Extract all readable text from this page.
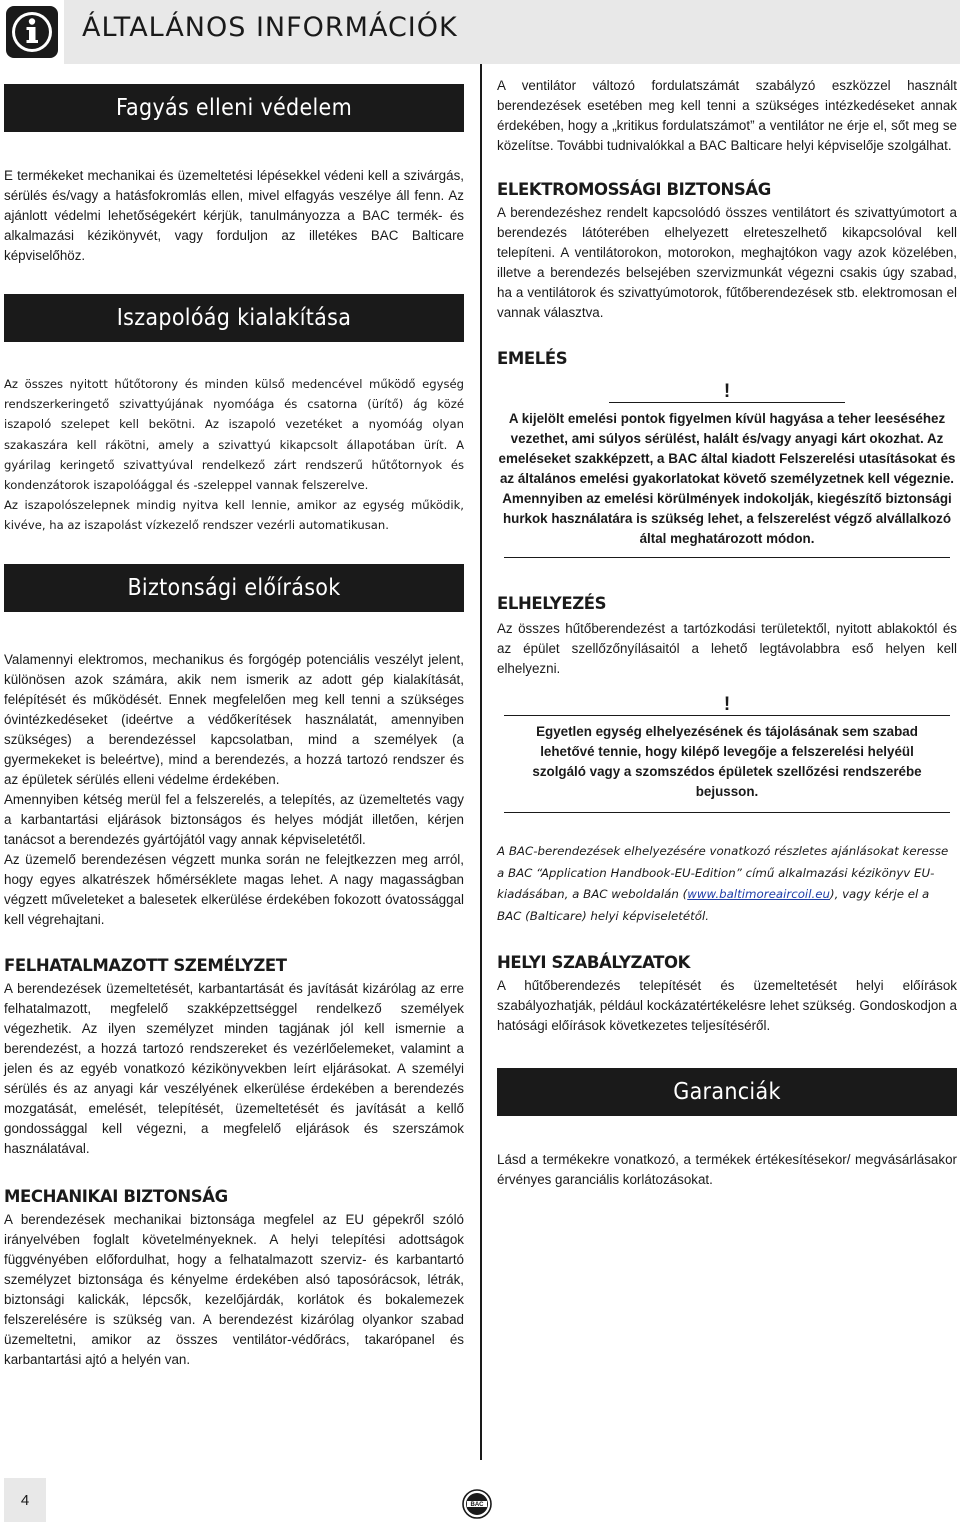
ÁLTALÁNOS INFORMÁCIÓK
Fagyás elleni védelem

E termékeket mechanikai és üzemeltetési lépésekkel védeni kell a szivárgás, sérülés és/vagy a hatásfokromlás ellen, mivel elfagyás veszélye áll fenn. Az ajánlott védelmi lehetőségekért kérjük, tanulmányozza a BAC termék- és alkalmazási kézikönyvét, vagy forduljon az illetékes BAC Balticare képviselőhöz.

Iszapolóág kialakítása

Az összes nyitott hűtőtorony és minden külső medencével működő egység rendszerkeringető szivattyújának nyomóága és csatorna (ürítő) ág közé iszapoló szelepet kell bekötni. Az iszapoló vezetéket a nyomóág olyan szakaszára kell rákötni, amely a szivattyú kikapcsolt állapotában ürít. A gyárilag keringető szivattyúval rendelkező zárt rendszerű hűtőtornyok és kondenzátorok iszapolóággal és -szeleppel vannak felszerelve.

Az iszapolószelepnek mindig nyitva kell lennie, amikor az egység működik, kivéve, ha az iszapolást vízkezelő rendszer vezérli automatikusan.

Biztonsági előírások

Valamennyi elektromos, mechanikus és forgógép potenciális veszélyt jelent, különösen azok számára, akik nem ismerik az adott gép kialakítását, felépítését és működését. Ennek megfelelően meg kell tenni a szükséges óvintézkedéseket (ideértve a védőkerítések használatát, amennyiben szükséges) a berendezéssel kapcsolatban, mind a személyek (a gyermekeket is beleértve), mind a berendezés, a hozzá tartozó rendszer és az épületek sérülés elleni védelme érdekében.

Amennyiben kétség merül fel a felszerelés, a telepítés, az üzemeltetés vagy a karbantartási eljárások biztonságos és helyes módját illetően, kérjen tanácsot a berendezés gyártójától vagy annak képviseletétől.

Az üzemelő berendezésen végzett munka során ne felejtkezzen meg arról, hogy egyes alkatrészek hőmérséklete magas lehet. A nagy magasságban végzett műveleteket a balesetek elkerülése érdekében fokozott óvatossággal kell végrehajtani.

FELHATALMAZOTT SZEMÉLYZET

A berendezések üzemeltetését, karbantartását és javítását kizárólag az erre felhatalmazott, megfelelő szakképzettséggel rendelkező személyek végezhetik. Az ilyen személyzet minden tagjának jól kell ismernie a berendezést, a hozzá tartozó rendszereket és vezérlőelemeket, valamint a jelen és az egyéb vonatkozó kézikönyvekben leírt eljárásokat. A személyi sérülés és az anyagi kár veszélyének elkerülése érdekében a berendezés mozgatását, emelését, telepítését, üzemeltetését és javítását a kellő gondossággal kell végezni, a megfelelő eljárások és szerszámok használatával.

MECHANIKAI BIZTONSÁG

A berendezések mechanikai biztonsága megfelel az EU gépekről szóló irányelvében foglalt követelményeknek. A helyi telepítési adottságok függvényében előfordulhat, hogy a felhatalmazott szerviz- és karbantartó személyzet biztonsága és kényelme érdekében alsó taposórácsok, létrák, biztonsági kalickák, lépcsők, kezelőjárdák, korlátok és bokalemezek felszerelésére is szükség van. A berendezést kizárólag olyankor szabad üzemeltetni, amikor az összes ventilátor-védőrács, takarópanel és karbantartási ajtó a helyén van.

A ventilátor változó fordulatszámát szabályzó eszközzel használt berendezések esetében meg kell tenni a szükséges intézkedéseket annak érdekében, hogy a „kritikus fordulatszámot” a ventilátor ne érje el, sőt meg se közelítse. További tudnivalókkal a BAC Balticare helyi képviselője szolgálhat.

ELEKTROMOSSÁGI BIZTONSÁG

A berendezéshez rendelt kapcsolódó összes ventilátort és szivattyúmotort a berendezés látóterében elhelyezett elreteszelhető kikapcsolóval kell telepíteni. A ventilátorokon, motorokon, meghajtókon vagy azok közelében, illetve a berendezés belsejében szervizmunkát végezni csakis úgy szabad, ha a ventilátorok és szivattyúmotorok, fűtőberendezések stb. elektromosan el vannak választva.

EMELÉS
!

A kijelölt emelési pontok figyelmen kívül hagyása a teher leeséséhez vezethet, ami súlyos sérülést, halált és/vagy anyagi kárt okozhat. Az emeléseket szakképzett, a BAC által kiadott Felszerelési utasításokat és az általános emelési gyakorlatokat követő személyzetnek kell végeznie. Amennyiben az emelési körülmények indokolják, kiegészítő biztonsági hurkok használatára is szükség lehet, a felszerelést végző alvállalkozó által meghatározott módon.

ELHELYEZÉS

Az összes hűtőberendezést a tartózkodási területektől, nyitott ablakoktól és az épület szellőzőnyílásaitól a lehető legtávolabbra eső helyen kell elhelyezni.

!

Egyetlen egység elhelyezésének és tájolásának sem szabad lehetővé tennie, hogy kilépő levegője a felszerelési helyéül szolgáló vagy a szomszédos épületek szellőzési rendszerébe bejusson.

A BAC-berendezések elhelyezésére vonatkozó részletes ajánlásokat keresse a BAC “Application Handbook-EU-Edition” című alkalmazási kézikönyv EU-kiadásában, a BAC weboldalán (www.baltimoreaircoil.eu), vagy kérje el a BAC (Balticare) helyi képviseletétől.

HELYI SZABÁLYZATOK

A hűtőberendezés telepítését és üzemeltetését helyi előírások szabályozhatják, például kockázatértékelésre lehet szükség. Gondoskodjon a hatósági előírások következetes teljesítéséről.

Garanciák

Lásd a termékekre vonatkozó, a termékek értékesítésekor/ megvásárlásakor érvényes garanciális korlátozásokat.

4	BAC
